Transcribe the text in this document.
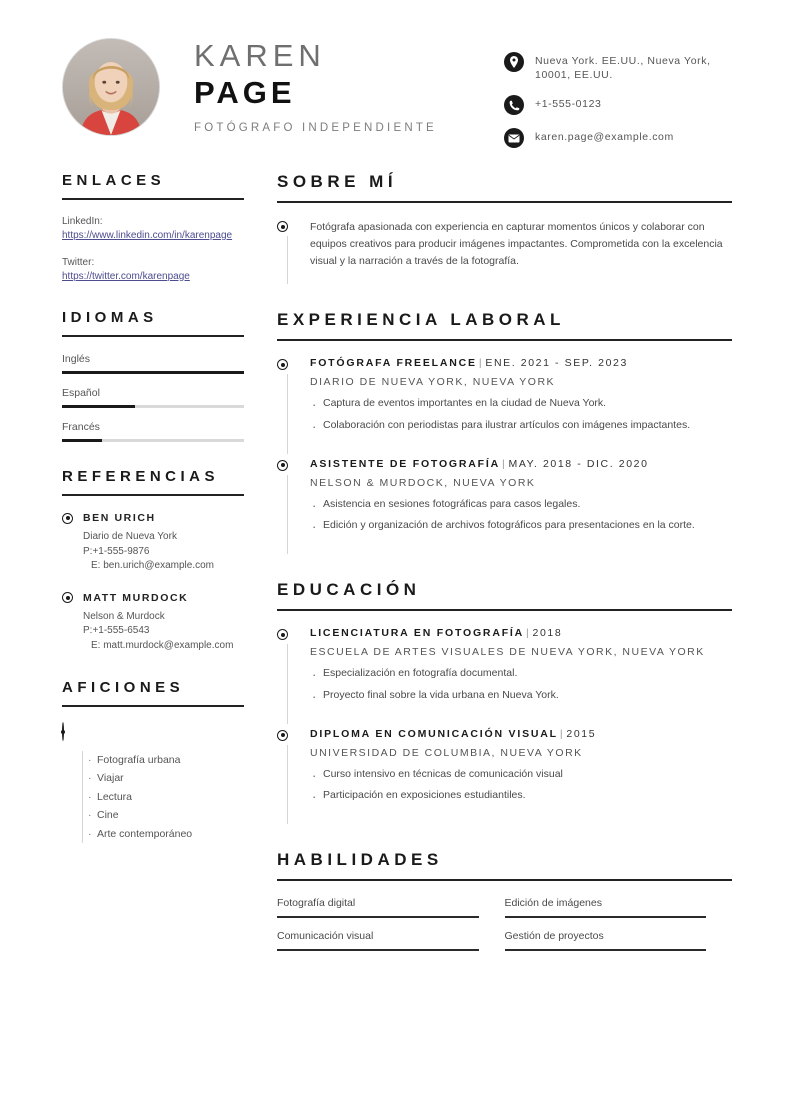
KAREN
PAGE
FOTÓGRAFO INDEPENDIENTE
Nueva York. EE.UU., Nueva York, 10001, EE.UU.
+1-555-0123
karen.page@example.com
ENLACES
LinkedIn:
https://www.linkedin.com/in/karenpage
Twitter:
https://twitter.com/karenpage
IDIOMAS
Inglés
Español
Francés
REFERENCIAS
BEN URICH
Diario de Nueva York
P:+1-555-9876
E: ben.urich@example.com
MATT MURDOCK
Nelson & Murdock
P:+1-555-6543
E: matt.murdock@example.com
AFICIONES
· Fotografía urbana
· Viajar
· Lectura
· Cine
· Arte contemporáneo
SOBRE MÍ
Fotógrafa apasionada con experiencia en capturar momentos únicos y colaborar con equipos creativos para producir imágenes impactantes. Comprometida con la excelencia visual y la narración a través de la fotografía.
EXPERIENCIA LABORAL
FOTÓGRAFA FREELANCE | ENE. 2021 - SEP. 2023
DIARIO DE NUEVA YORK, NUEVA YORK
· Captura de eventos importantes en la ciudad de Nueva York.
· Colaboración con periodistas para ilustrar artículos con imágenes impactantes.
ASISTENTE DE FOTOGRAFÍA | MAY. 2018 - DIC. 2020
NELSON & MURDOCK, NUEVA YORK
· Asistencia en sesiones fotográficas para casos legales.
· Edición y organización de archivos fotográficos para presentaciones en la corte.
EDUCACIÓN
LICENCIATURA EN FOTOGRAFÍA | 2018
ESCUELA DE ARTES VISUALES DE NUEVA YORK, NUEVA YORK
· Especialización en fotografía documental.
· Proyecto final sobre la vida urbana en Nueva York.
DIPLOMA EN COMUNICACIÓN VISUAL | 2015
UNIVERSIDAD DE COLUMBIA, NUEVA YORK
· Curso intensivo en técnicas de comunicación visual
· Participación en exposiciones estudiantiles.
HABILIDADES
Fotografía digital	Edición de imágenes
Comunicación visual	Gestión de proyectos
